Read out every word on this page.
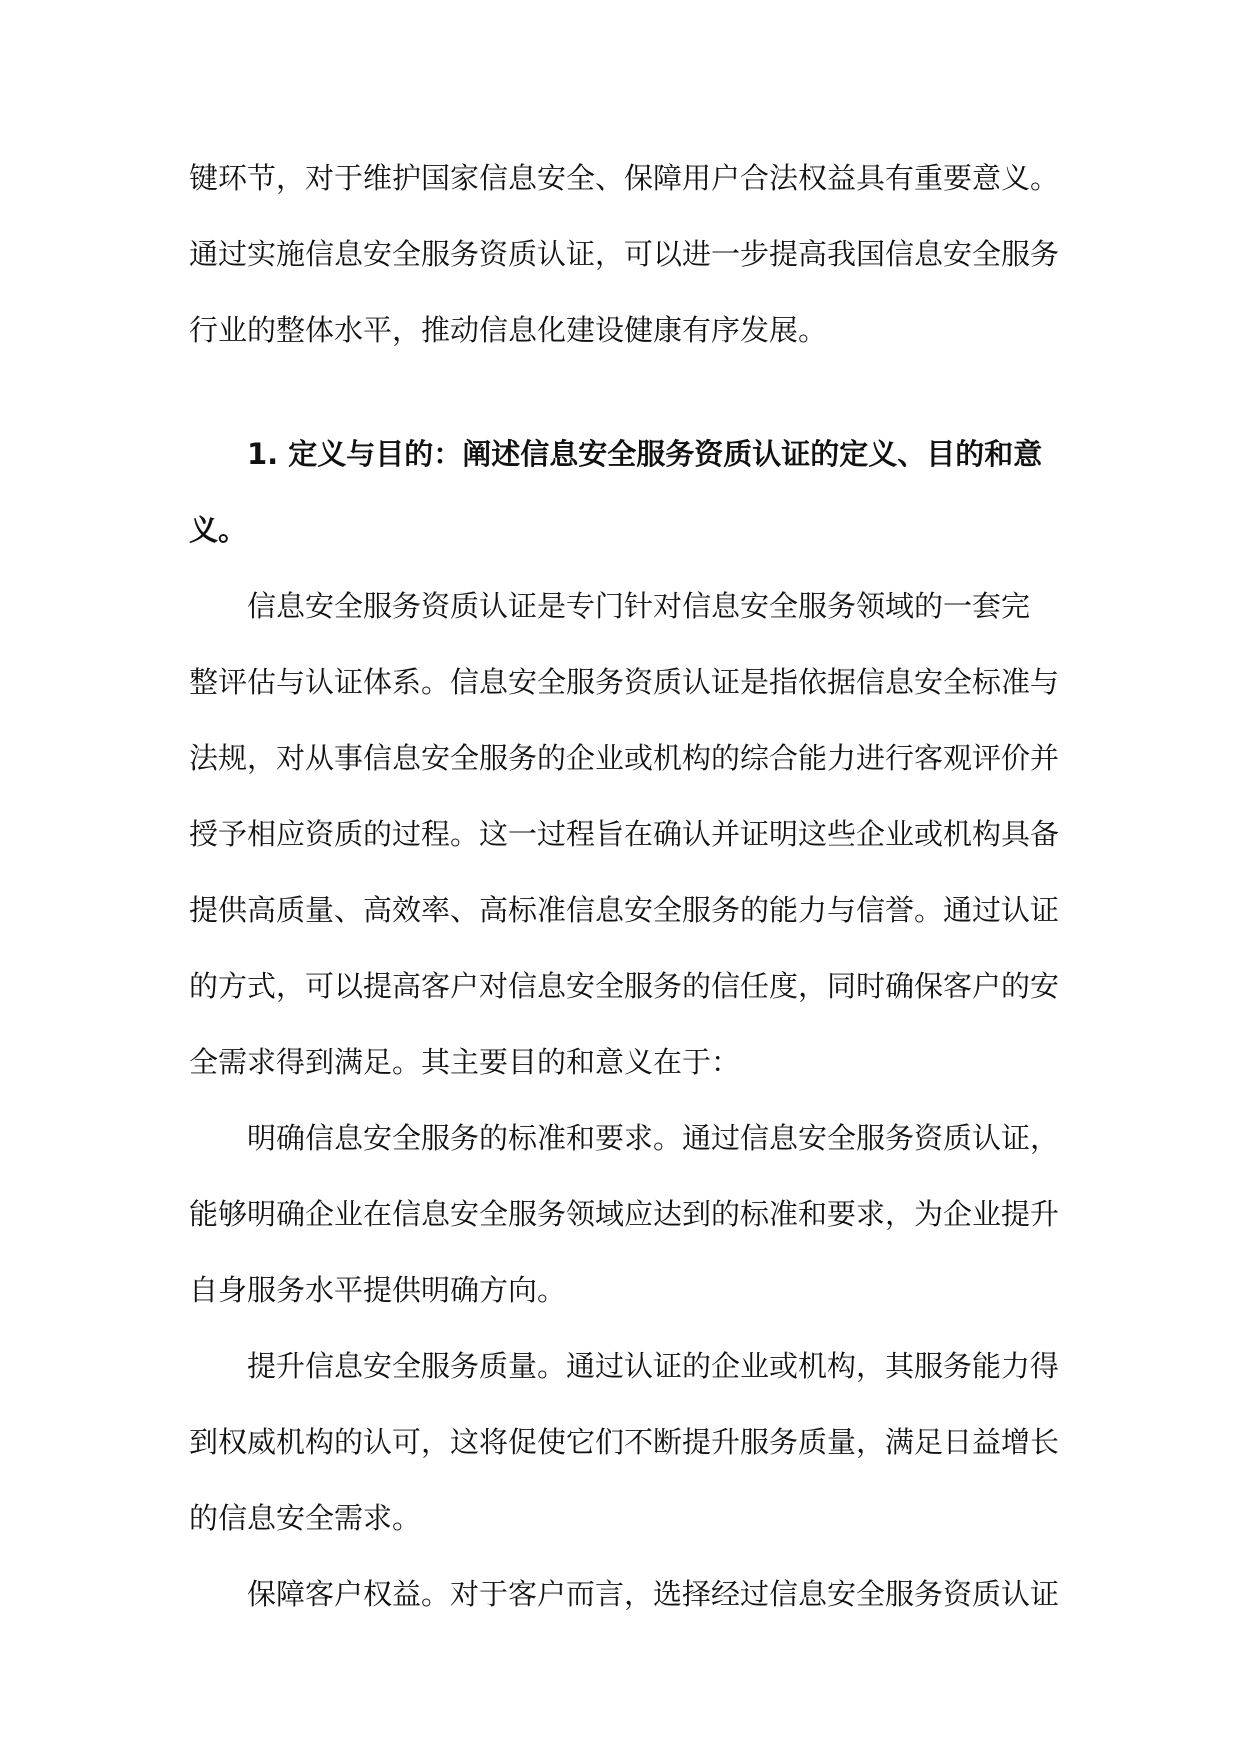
键环节，对于维护国家信息安全、保障用户合法权益具有重要意义。
通过实施信息安全服务资质认证，可以进一步提高我国信息安全服务
行业的整体水平，推动信息化建设健康有序发展。
1. 定义与目的：阐述信息安全服务资质认证的定义、目的和意
义。
信息安全服务资质认证是专门针对信息安全服务领域的一套完
整评估与认证体系。信息安全服务资质认证是指依据信息安全标准与
法规，对从事信息安全服务的企业或机构的综合能力进行客观评价并
授予相应资质的过程。这一过程旨在确认并证明这些企业或机构具备
提供高质量、高效率、高标准信息安全服务的能力与信誉。通过认证
的方式，可以提高客户对信息安全服务的信任度，同时确保客户的安
全需求得到满足。其主要目的和意义在于：
明确信息安全服务的标准和要求。通过信息安全服务资质认证，
能够明确企业在信息安全服务领域应达到的标准和要求，为企业提升
自身服务水平提供明确方向。
提升信息安全服务质量。通过认证的企业或机构，其服务能力得
到权威机构的认可，这将促使它们不断提升服务质量，满足日益增长
的信息安全需求。
保障客户权益。对于客户而言，选择经过信息安全服务资质认证
